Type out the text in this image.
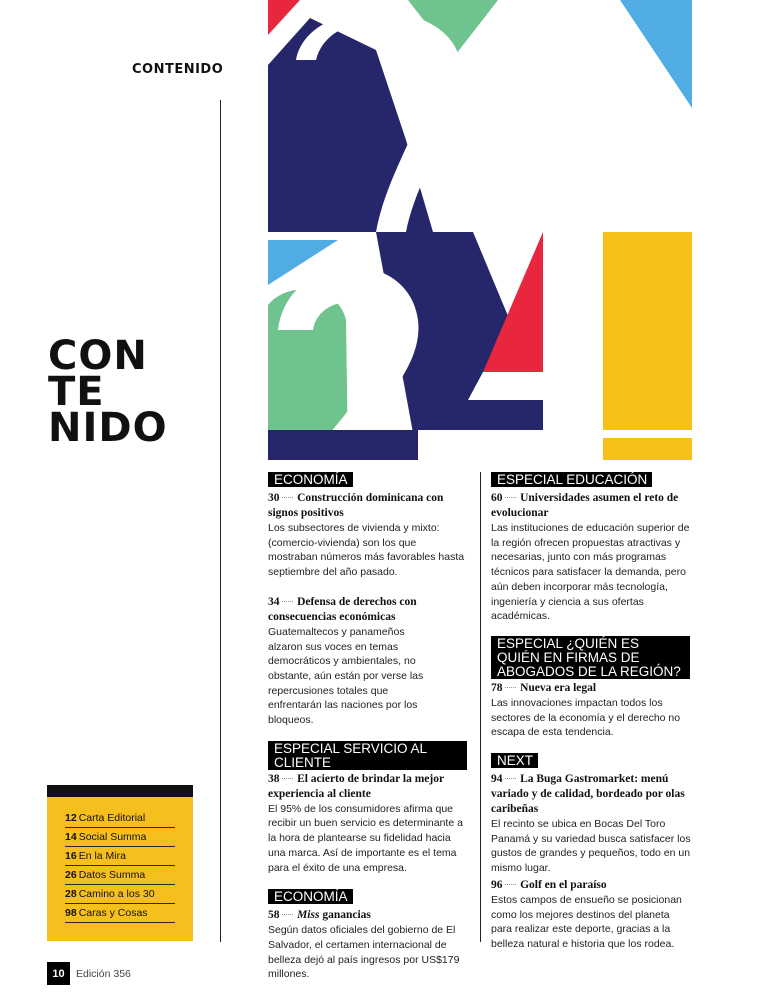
CONTENIDO
CON
TE
NIDO
ECONOMÍA
30 ······ Construcción dominicana con signos positivos
Los subsectores de vivienda y mixto: (comercio-vivienda) son los que mostraban números más favorables hasta septiembre del año pasado.
34 ······ Defensa de derechos con consecuencias económicas
Guatemaltecos y panameños alzaron sus voces en temas democráticos y ambientales, no obstante, aún están por verse las repercusiones totales que enfrentarán las naciones por los bloqueos.
ESPECIAL SERVICIO AL CLIENTE
38 ······ El acierto de brindar la mejor experiencia al cliente
El 95% de los consumidores afirma que recibir un buen servicio es determinante a la hora de plantearse su fidelidad hacia una marca. Así de importante es el tema para el éxito de una empresa.
ECONOMÍA
58 ······ Miss ganancias
Según datos oficiales del gobierno de El Salvador, el certamen internacional de belleza dejó al país ingresos por US$179 millones.
ESPECIAL EDUCACIÓN
60 ······ Universidades asumen el reto de evolucionar
Las instituciones de educación superior de la región ofrecen propuestas atractivas y necesarias, junto con más programas técnicos para satisfacer la demanda, pero aún deben incorporar más tecnología, ingeniería y ciencia a sus ofertas académicas.
ESPECIAL ¿QUIÉN ES QUIÉN EN FIRMAS DE ABOGADOS DE LA REGIÓN?
78 ······ Nueva era legal
Las innovaciones impactan todos los sectores de la economía y el derecho no escapa de esta tendencia.
NEXT
94 ······ La Buga Gastromarket: menú variado y de calidad, bordeado por olas caribeñas
El recinto se ubica en Bocas Del Toro Panamá y su variedad busca satisfacer los gustos de grandes y pequeños, todo en un mismo lugar.
96 ······ Golf en el paraíso
Estos campos de ensueño se posicionan como los mejores destinos del planeta para realizar este deporte, gracias a la belleza natural e historia que los rodea.
12 Carta Editorial
14 Social Summa
16 En la Mira
26 Datos Summa
28 Camino a los 30
98 Caras y Cosas
10	Edición 356
